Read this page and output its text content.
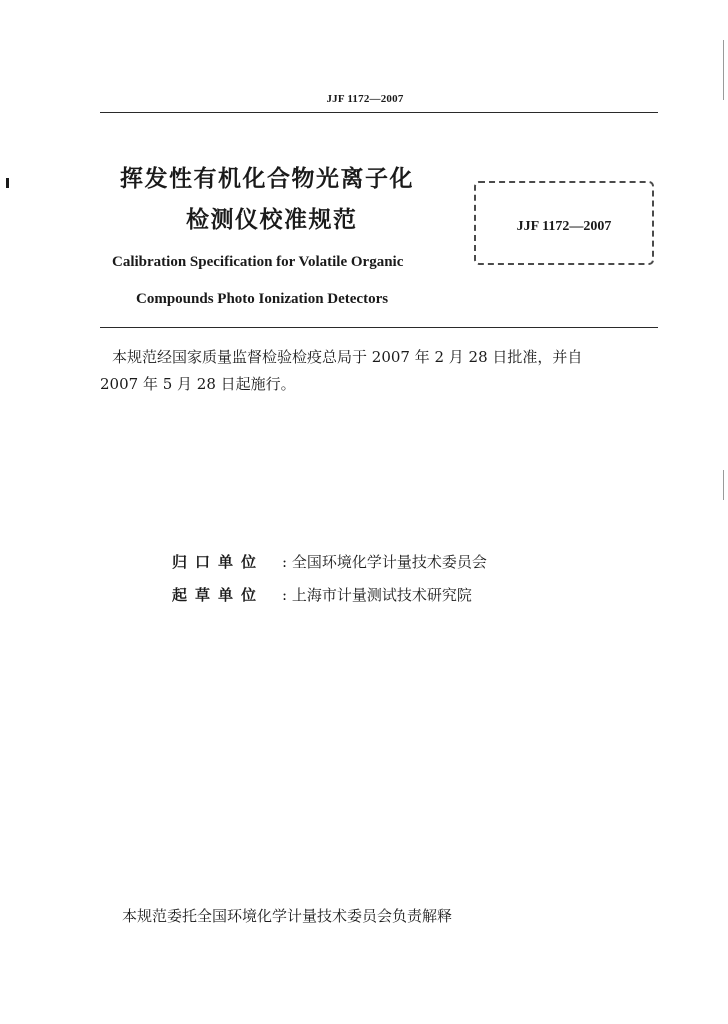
JJF 1172—2007
挥发性有机化合物光离子化
检测仪校准规范	JJF 1172—2007
Calibration Specification for Volatile Organic
Compounds Photo Ionization Detectors
本规范经国家质量监督检验检疫总局于 2007 年 2 月 28 日批准，并自
2007 年 5 月 28 日起施行。
归口单位 : 全国环境化学计量技术委员会
起草单位 : 上海市计量测试技术研究院
本规范委托全国环境化学计量技术委员会负责解释
